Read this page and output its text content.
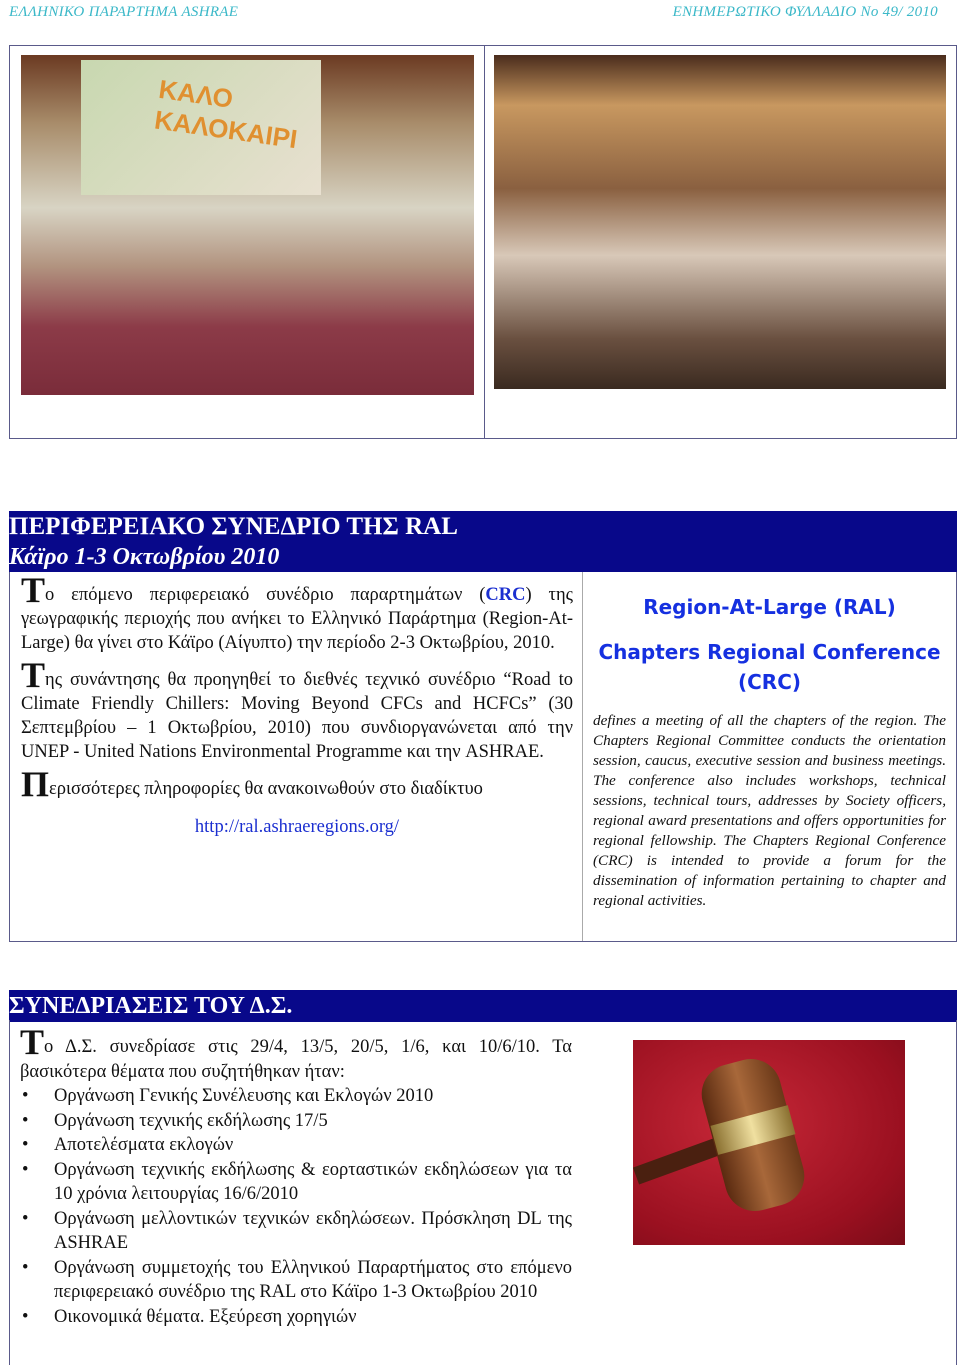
ΕΛΛΗΝΙΚΟ ΠΑΡΑΡΤΗΜΑ ASHRAE	ΕΝΗΜΕΡΩΤΙΚΟ ΦΥΛΛΑΔΙΟ Νο 49/ 2010
ΚΑΛΟ ΚΑΛΟΚΑΙΡΙ
ΠΕΡΙΦΕΡΕΙΑΚΟ ΣΥΝΕΔΡΙΟ ΤΗΣ RAL
Κάϊρο 1-3 Οκτωβρίου 2010

Το επόμενο περιφερειακό συνέδριο παραρτημάτων (CRC) της γεωγραφικής περιοχής που ανήκει το Ελληνικό Παράρτημα (Region-At-Large) θα γίνει στο Κάϊρο (Αίγυπτο) την περίοδο 2-3 Οκτωβρίου, 2010.

Της συνάντησης θα προηγηθεί το διεθνές τεχνικό συνέδριο “Road to Climate Friendly Chillers: Moving Beyond CFCs and HCFCs” (30 Σεπτεμβρίου – 1 Οκτωβρίου, 2010) που συνδιοργανώνεται από την UNEP - United Nations Environmental Programme και την ASHRAE.

Περισσότερες πληροφορίες θα ανακοινωθούν στο διαδίκτυο

http://ral.ashraeregions.org/
Region-At-Large (RAL)
Chapters Regional Conference (CRC)
defines a meeting of all the chapters of the region. The Chapters Regional Committee conducts the orientation session, caucus, executive session and business meetings. The conference also includes workshops, technical sessions, technical tours, addresses by Society officers, regional award presentations and offers opportunities for regional fellowship. The Chapters Regional Conference (CRC) is intended to provide a forum for the dissemination of information pertaining to chapter and regional activities.
ΣΥΝΕΔΡΙΑΣΕΙΣ ΤΟΥ Δ.Σ.

Το Δ.Σ. συνεδρίασε στις 29/4, 13/5, 20/5, 1/6, και 10/6/10. Τα βασικότερα θέματα που συζητήθηκαν ήταν:

• Οργάνωση Γενικής Συνέλευσης και Εκλογών 2010
• Οργάνωση τεχνικής εκδήλωσης 17/5
• Αποτελέσματα εκλογών
• Οργάνωση τεχνικής εκδήλωσης & εορταστικών εκδηλώσεων για τα 10 χρόνια λειτουργίας 16/6/2010
• Οργάνωση μελλοντικών τεχνικών εκδηλώσεων. Πρόσκληση DL της ASHRAE
• Οργάνωση συμμετοχής του Ελληνικού Παραρτήματος στο επόμενο περιφερειακό συνέδριο της RAL στο Κάϊρο 1-3 Οκτωβρίου 2010
• Οικονομικά θέματα. Εξεύρεση χορηγιών
